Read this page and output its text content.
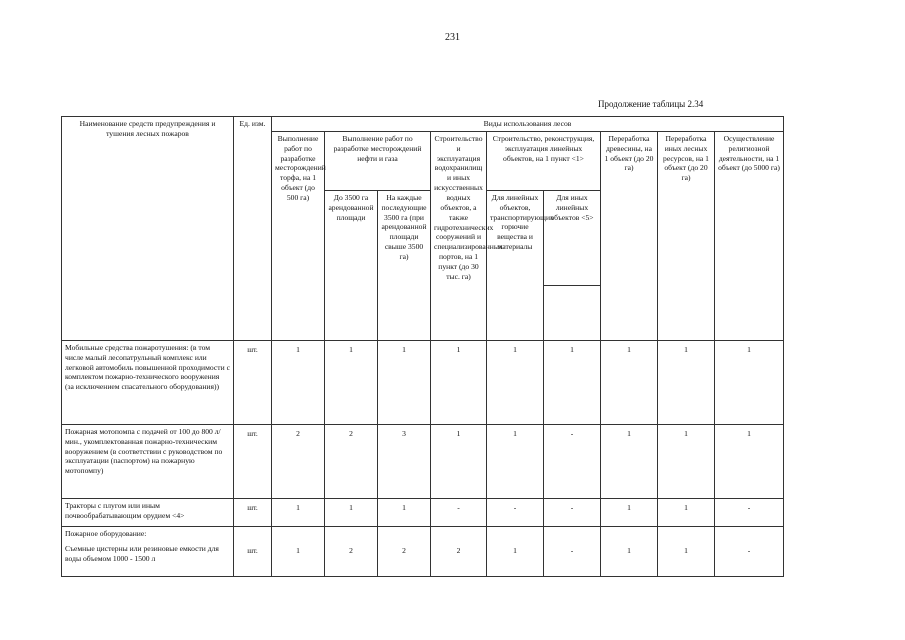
231
Продолжение таблицы 2.34
Наименование средств предупреждения и тушения лесных пожаров	Ед. изм.	Виды использования лесов								
		Выполнение работ по разработке месторождений торфа, на 1 объект (до 500 га)	Выполнение работ по разработке месторождений нефти и газа		Строительство и эксплуатация водохранилищ и иных искусственных водных объектов, а также гидротехнических сооружений и специализированных портов, на 1 пункт (до 30 тыс. га)	Строительство, реконструкция, эксплуатация линейных объектов, на 1 пункт <1>		Переработка древесины, на 1 объект (до 20 га)	Переработка иных лесных ресурсов, на 1 объект (до 20 га)	Осуществление религиозной деятельности, на 1 объект (до 5000 га)
			До 3500 га арендованной площади	На каждые последующие 3500 га (при арендованной площади свыше 3500 га)		Для линейных объектов, транспортирующих горючие вещества и материалы	Для иных линейных объектов <5>			

Мобильные средства пожаротушения: (в том числе малый лесопатрульный комплекс или легковой автомобиль повышенной проходимости с комплектом пожарно-технического вооружения (за исключением спасательного оборудования))	шт.	1	1	1	1	1	1	1	1	1
Пожарная мотопомпа с подачей от 100 до 800 л/мин., укомплектованная пожарно-техническим вооружением (в соответствии с руководством по эксплуатации (паспортом) на пожарную мотопомпу)	шт.	2	2	3	1	1	-	1	1	1
Тракторы с плугом или иным почвообрабатывающим орудием <4>	шт.	1	1	1	-	-	-	1	1	-
Пожарное оборудование:										
Съемные цистерны или резиновые емкости для воды объемом 1000 - 1500 л	шт.	1	2	2	2	1	-	1	1	-
